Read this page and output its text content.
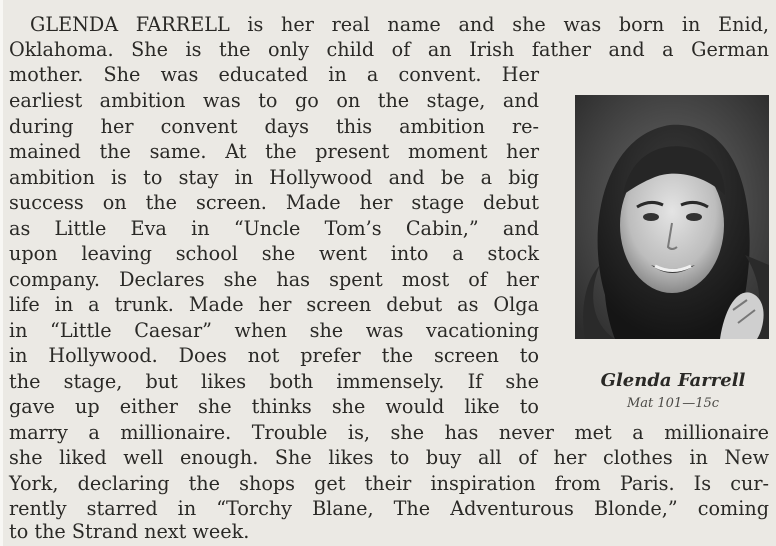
GLENDA FARRELL is her real name and she was born in Enid,
Oklahoma. She is the only child of an Irish father and a German
mother. She was educated in a convent. Her
earliest ambition was to go on the stage, and
during her convent days this ambition re-
mained the same. At the present moment her
ambition is to stay in Hollywood and be a big
success on the screen. Made her stage debut
as Little Eva in “Uncle Tom’s Cabin,” and
upon leaving school she went into a stock
company. Declares she has spent most of her
life in a trunk. Made her screen debut as Olga
in “Little Caesar” when she was vacationing
in Hollywood. Does not prefer the screen to
the stage, but likes both immensely. If she
gave up either she thinks she would like to
marry a millionaire. Trouble is, she has never met a millionaire
she liked well enough. She likes to buy all of her clothes in New
York, declaring the shops get their inspiration from Paris. Is cur-
rently starred in “Torchy Blane, The Adventurous Blonde,” coming
to the Strand next week.
Glenda Farrell
Mat 101—15c
